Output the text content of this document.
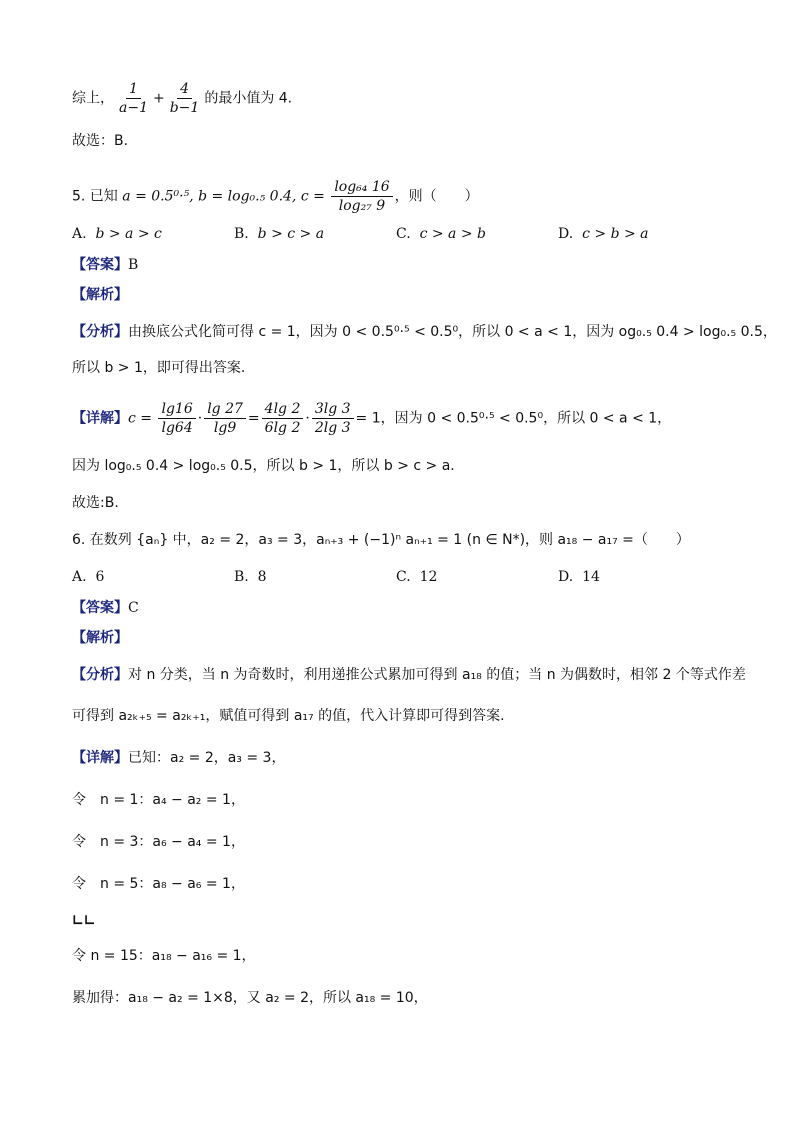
综上， $\frac{1}{a-1} + \frac{4}{b-1}$ 的最小值为 4.
故选：B.
5. 已知 a = 0.5⁰·⁵, b = log₀.₅ 0.4, $c = \frac{\text{log₆₄ 16}}{\text{log₂₇ 9}}$ ，则（　　）
A. b > a > c	B. b > c > a	C. c > a > b	D. c > b > a
【答案】B
【解析】
【分析】由换底公式化简可得 c = 1，因为 0 < 0.5⁰·⁵ < 0.5⁰，所以 0 < a < 1，因为 og₀.₅ 0.4 > log₀.₅ 0.5，
所以 b > 1，即可得出答案.
【详解】$c = \frac{\lg 16}{\lg 64} \cdot \frac{\lg 27}{\lg 9} = \frac{4\lg 2}{6\lg 2} \cdot \frac{3\lg 3}{2\lg 3} = 1$，因为 0 < 0.5⁰·⁵ < 0.5⁰，所以 0 < a < 1，
因为 log₀.₅ 0.4 > log₀.₅ 0.5，所以 b > 1，所以 b > c > a.
故选:B.
6. 在数列 {aₙ} 中，a₂ = 2，a₃ = 3，aₙ₊₃ + (−1)ⁿ aₙ₊₁ = 1 (n ∈ N*)，则 a₁₈ − a₁₇ =（　　）
A. 6	B. 8	C. 12	D. 14
【答案】C
【解析】
【分析】对 n 分类，当 n 为奇数时，利用递推公式累加可得到 a₁₈ 的值；当 n 为偶数时，相邻 2 个等式作差
可得到 a₂ₖ₊₅ = a₂ₖ₊₁，赋值可得到 a₁₇ 的值，代入计算即可得到答案.
【详解】已知：a₂ = 2，a₃ = 3，
令　n = 1：a₄ − a₂ = 1，
令　n = 3：a₆ − a₄ = 1，
令　n = 5：a₈ − a₆ = 1，
∟∟
令 n = 15：a₁₈ − a₁₆ = 1，
累加得：a₁₈ − a₂ = 1×8，又 a₂ = 2，所以 a₁₈ = 10，
